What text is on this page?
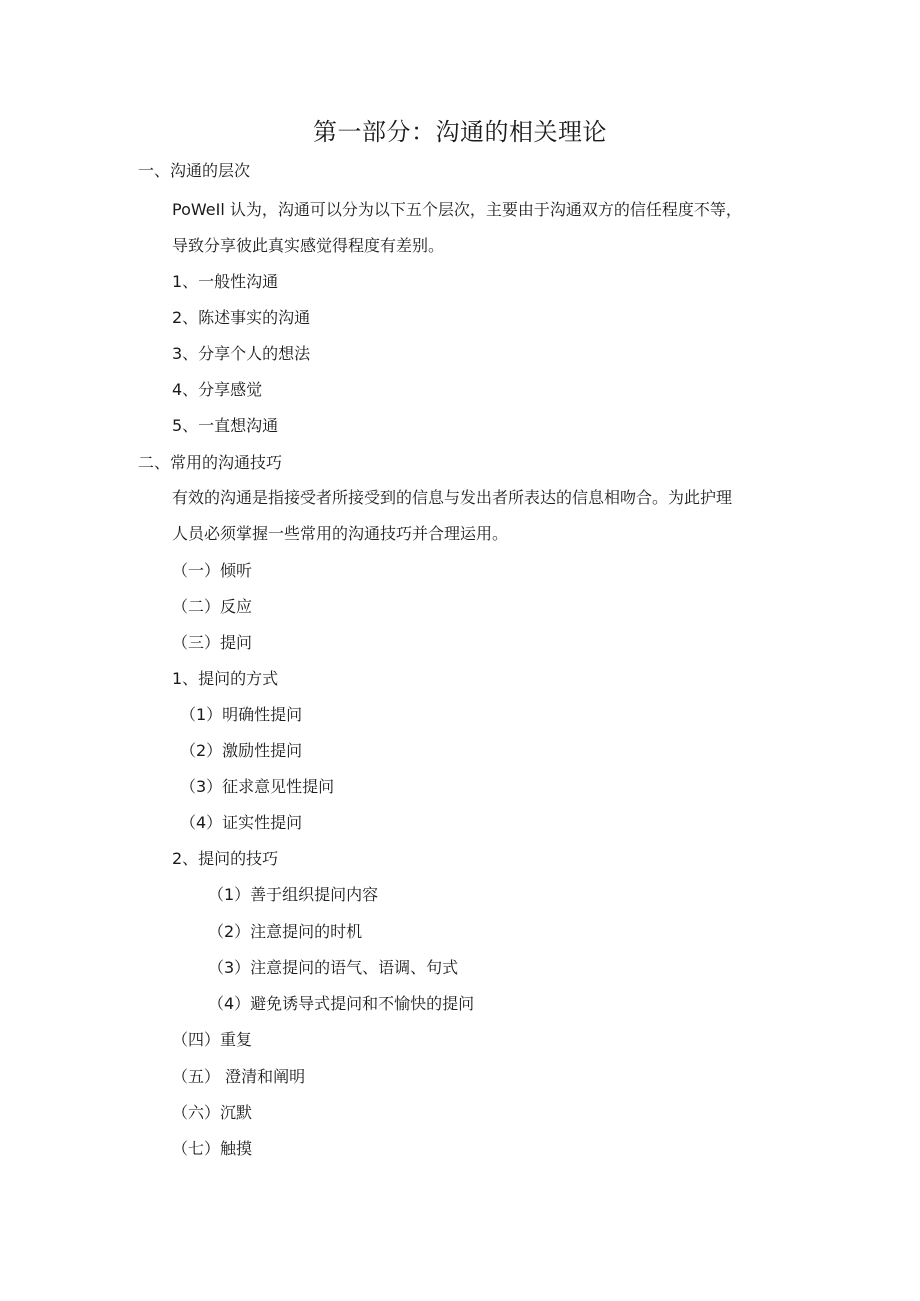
第一部分：沟通的相关理论
一、沟通的层次
PoWeIl 认为，沟通可以分为以下五个层次，主要由于沟通双方的信任程度不等，
导致分享彼此真实感觉得程度有差别。
1、一般性沟通
2、陈述事实的沟通
3、分享个人的想法
4、分享感觉
5、一直想沟通
二、常用的沟通技巧
有效的沟通是指接受者所接受到的信息与发出者所表达的信息相吻合。为此护理
人员必须掌握一些常用的沟通技巧并合理运用。
（一）倾听
（二）反应
（三）提问
1、提问的方式
（1）明确性提问
（2）激励性提问
（3）征求意见性提问
（4）证实性提问
2、提问的技巧
（1）善于组织提问内容
（2）注意提问的时机
（3）注意提问的语气、语调、句式
（4）避免诱导式提问和不愉快的提问
（四）重复
（五） 澄清和阐明
（六）沉默
（七）触摸
